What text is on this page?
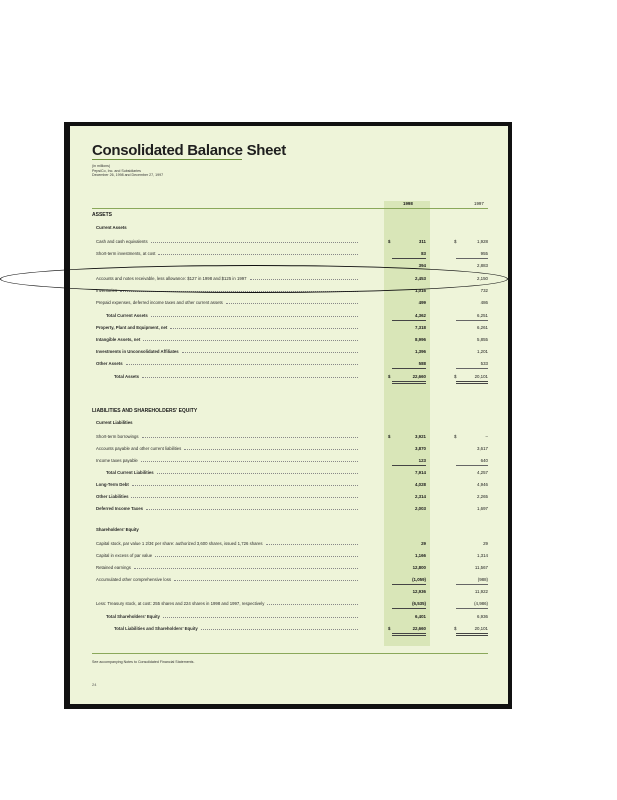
Consolidated Balance Sheet
(in millions)
PepsiCo, Inc. and Subsidiaries
December 26, 1998 and December 27, 1997
1998	1997
ASSETS
Current Assets
Cash and cash equivalents	$	311	$	1,928
Short-term investments, at cost	83	955
394	2,883
Accounts and notes receivable, less allowance: $127 in 1998 and $125 in 1997	2,453	2,150
Inventories	1,016	732
Prepaid expenses, deferred income taxes and other current assets	499	486
Total Current Assets	4,362	6,251
Property, Plant and Equipment, net	7,318	6,261
Intangible Assets, net	8,996	5,855
Investments in Unconsolidated Affiliates	1,396	1,201
Other Assets	588	533
Total Assets	$	22,660	$	20,101
LIABILITIES AND SHAREHOLDERS' EQUITY
Current Liabilities
Short-term borrowings	$	3,921	$	–
Accounts payable and other current liabilities	3,870	3,617
Income taxes payable	123	640
Total Current Liabilities	7,914	4,257
Long-Term Debt	4,028	4,946
Other Liabilities	2,314	2,265
Deferred Income Taxes	2,003	1,697
Shareholders' Equity
Capital stock, par value 1 2/3¢ per share: authorized 3,600 shares, issued 1,726 shares	29	29
Capital in excess of par value	1,166	1,314
Retained earnings	12,800	11,567
Accumulated other comprehensive loss	(1,059)	(988)
12,936	11,922
Less: Treasury stock, at cost: 255 shares and 224 shares in 1998 and 1997, respectively	(6,535)	(4,986)
Total Shareholders' Equity	6,401	6,936
Total Liabilities and Shareholders' Equity	$	22,660	$	20,101
See accompanying Notes to Consolidated Financial Statements.
24
